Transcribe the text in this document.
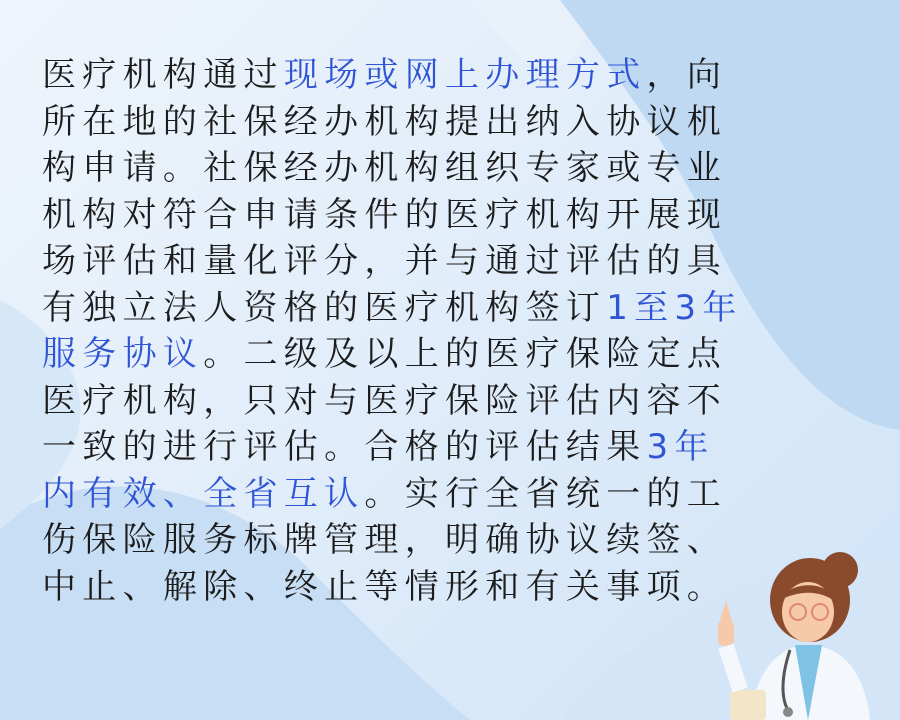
医疗机构通过现场或网上办理方式，向
所在地的社保经办机构提出纳入协议机
构申请。社保经办机构组织专家或专业
机构对符合申请条件的医疗机构开展现
场评估和量化评分，并与通过评估的具
有独立法人资格的医疗机构签订1至3年
服务协议。二级及以上的医疗保险定点
医疗机构，只对与医疗保险评估内容不
一致的进行评估。合格的评估结果3年
内有效、全省互认。实行全省统一的工
伤保险服务标牌管理，明确协议续签、
中止、解除、终止等情形和有关事项。
